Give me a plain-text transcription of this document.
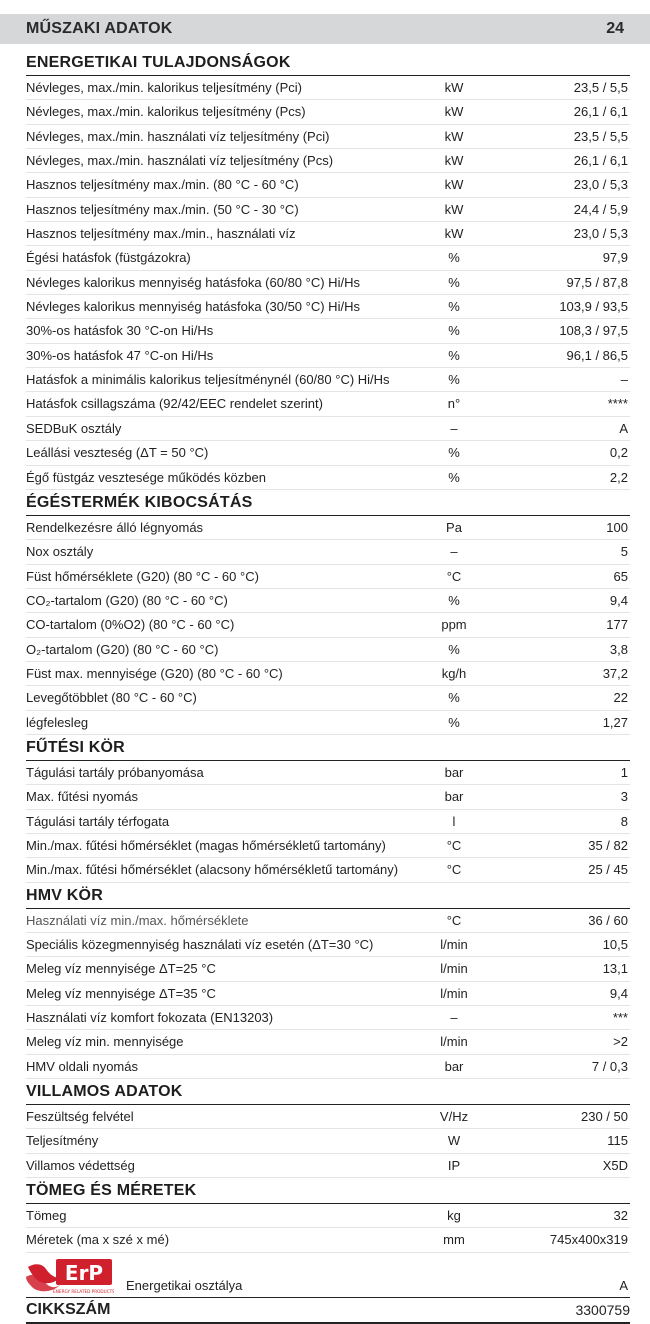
MŰSZAKI ADATOK	24
ENERGETIKAI TULAJDONSÁGOK
Névleges, max./min. kalorikus teljesítmény (Pci)	kW	23,5 / 5,5
Névleges, max./min. kalorikus teljesítmény (Pcs)	kW	26,1 / 6,1
Névleges, max./min. használati víz teljesítmény (Pci)	kW	23,5 / 5,5
Névleges, max./min. használati víz teljesítmény (Pcs)	kW	26,1 / 6,1
Hasznos teljesítmény max./min. (80 °C - 60 °C)	kW	23,0 / 5,3
Hasznos teljesítmény max./min. (50 °C - 30 °C)	kW	24,4 / 5,9
Hasznos teljesítmény max./min., használati víz	kW	23,0 / 5,3
Égési hatásfok (füstgázokra)	%	97,9
Névleges kalorikus mennyiség hatásfoka (60/80 °C) Hi/Hs	%	97,5 / 87,8
Névleges kalorikus mennyiség hatásfoka (30/50 °C) Hi/Hs	%	103,9 / 93,5
30%-os hatásfok 30 °C-on Hi/Hs	%	108,3 / 97,5
30%-os hatásfok 47 °C-on Hi/Hs	%	96,1 / 86,5
Hatásfok a minimális kalorikus teljesítménynél (60/80 °C) Hi/Hs	%	–
Hatásfok csillagszáma (92/42/EEC rendelet szerint)	n°	****
SEDBuK osztály	–	A
Leállási veszteség (ΔT = 50 °C)	%	0,2
Égő füstgáz vesztesége működés közben	%	2,2
ÉGÉSTERMÉK KIBOCSÁTÁS
Rendelkezésre álló légnyomás	Pa	100
Nox osztály	–	5
Füst hőmérséklete (G20) (80 °C - 60 °C)	°C	65
CO₂-tartalom (G20) (80 °C - 60 °C)	%	9,4
CO-tartalom (0%O2) (80 °C - 60 °C)	ppm	177
O₂-tartalom (G20) (80 °C - 60 °C)	%	3,8
Füst max. mennyisége (G20) (80 °C - 60 °C)	kg/h	37,2
Levegőtöbblet (80 °C - 60 °C)	%	22
légfelesleg	%	1,27
FŰTÉSI KÖR
Tágulási tartály próbanyomása	bar	1
Max. fűtési nyomás	bar	3
Tágulási tartály térfogata	l	8
Min./max. fűtési hőmérséklet (magas hőmérsékletű tartomány)	°C	35 / 82
Min./max. fűtési hőmérséklet (alacsony hőmérsékletű tartomány)	°C	25 / 45
HMV KÖR
Használati víz min./max. hőmérséklete	°C	36 / 60
Speciális közegmennyiség használati víz esetén (ΔT=30 °C)	l/min	10,5
Meleg víz mennyisége ΔT=25 °C	l/min	13,1
Meleg víz mennyisége ΔT=35 °C	l/min	9,4
Használati víz komfort fokozata (EN13203)	–	***
Meleg víz min. mennyisége	l/min	>2
HMV oldali nyomás	bar	7 / 0,3
VILLAMOS ADATOK
Feszültség felvétel	V/Hz	230 / 50
Teljesítmény	W	115
Villamos védettség	IP	X5D
TÖMEG ÉS MÉRETEK
Tömeg	kg	32
Méretek (ma x szé x mé)	mm	745x400x319
ErP
ENERGY RELATED PRODUCTS Energetikai osztálya	A
CIKKSZÁM	3300759
